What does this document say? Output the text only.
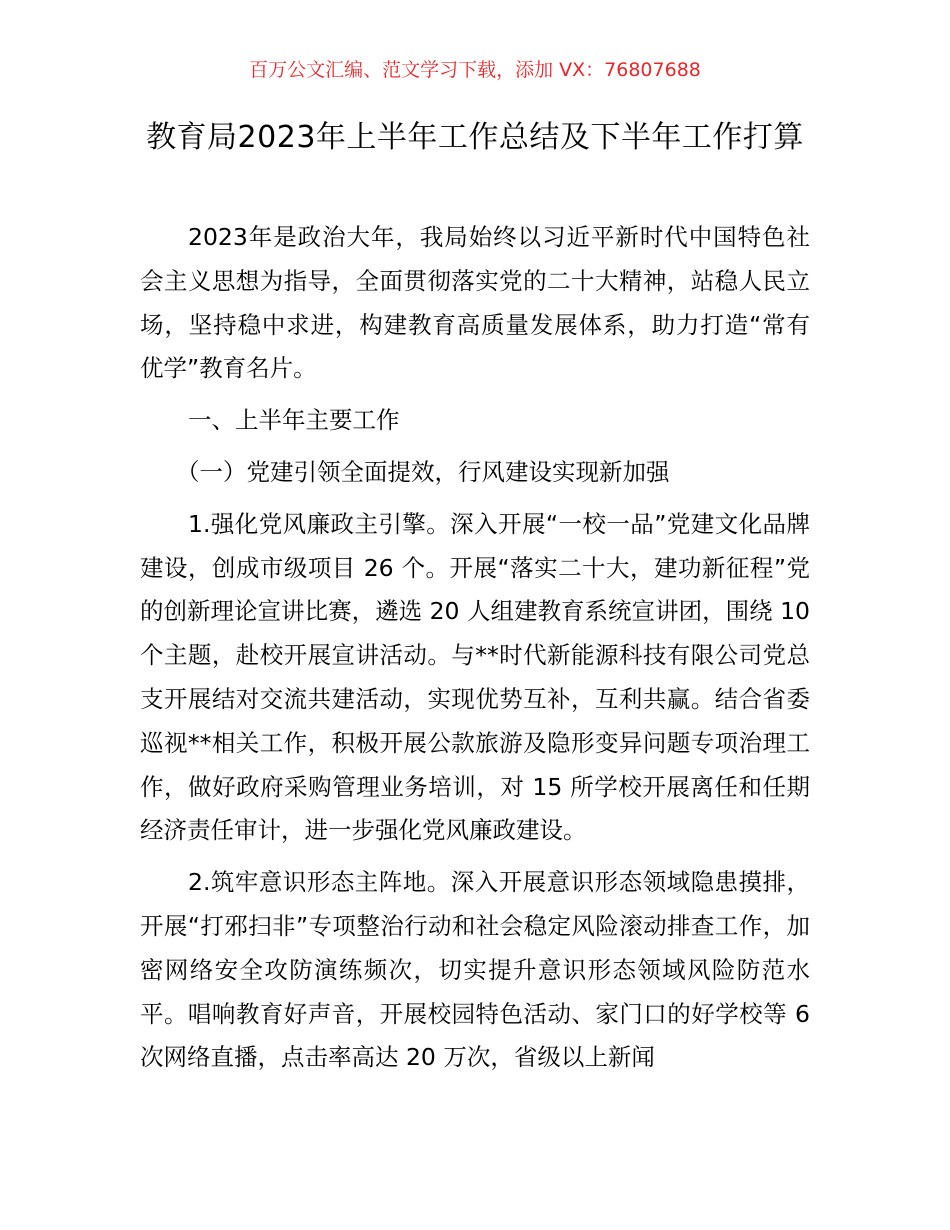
百万公文汇编、范文学习下载，添加 VX：76807688
教育局2023年上半年工作总结及下半年工作打算

2023年是政治大年，我局始终以习近平新时代中国特色社会主义思想为指导，全面贯彻落实党的二十大精神，站稳人民立场，坚持稳中求进，构建教育高质量发展体系，助力打造“常有优学”教育名片。

一、上半年主要工作

（一）党建引领全面提效，行风建设实现新加强

1.强化党风廉政主引擎。深入开展“一校一品”党建文化品牌建设，创成市级项目 26 个。开展“落实二十大，建功新征程”党的创新理论宣讲比赛，遴选 20 人组建教育系统宣讲团，围绕 10 个主题，赴校开展宣讲活动。与**时代新能源科技有限公司党总支开展结对交流共建活动，实现优势互补，互利共赢。结合省委巡视**相关工作，积极开展公款旅游及隐形变异问题专项治理工作，做好政府采购管理业务培训，对 15 所学校开展离任和任期经济责任审计，进一步强化党风廉政建设。

2.筑牢意识形态主阵地。深入开展意识形态领域隐患摸排，开展“打邪扫非”专项整治行动和社会稳定风险滚动排查工作，加密网络安全攻防演练频次，切实提升意识形态领域风险防范水平。唱响教育好声音，开展校园特色活动、家门口的好学校等 6 次网络直播，点击率高达 20 万次，省级以上新闻
